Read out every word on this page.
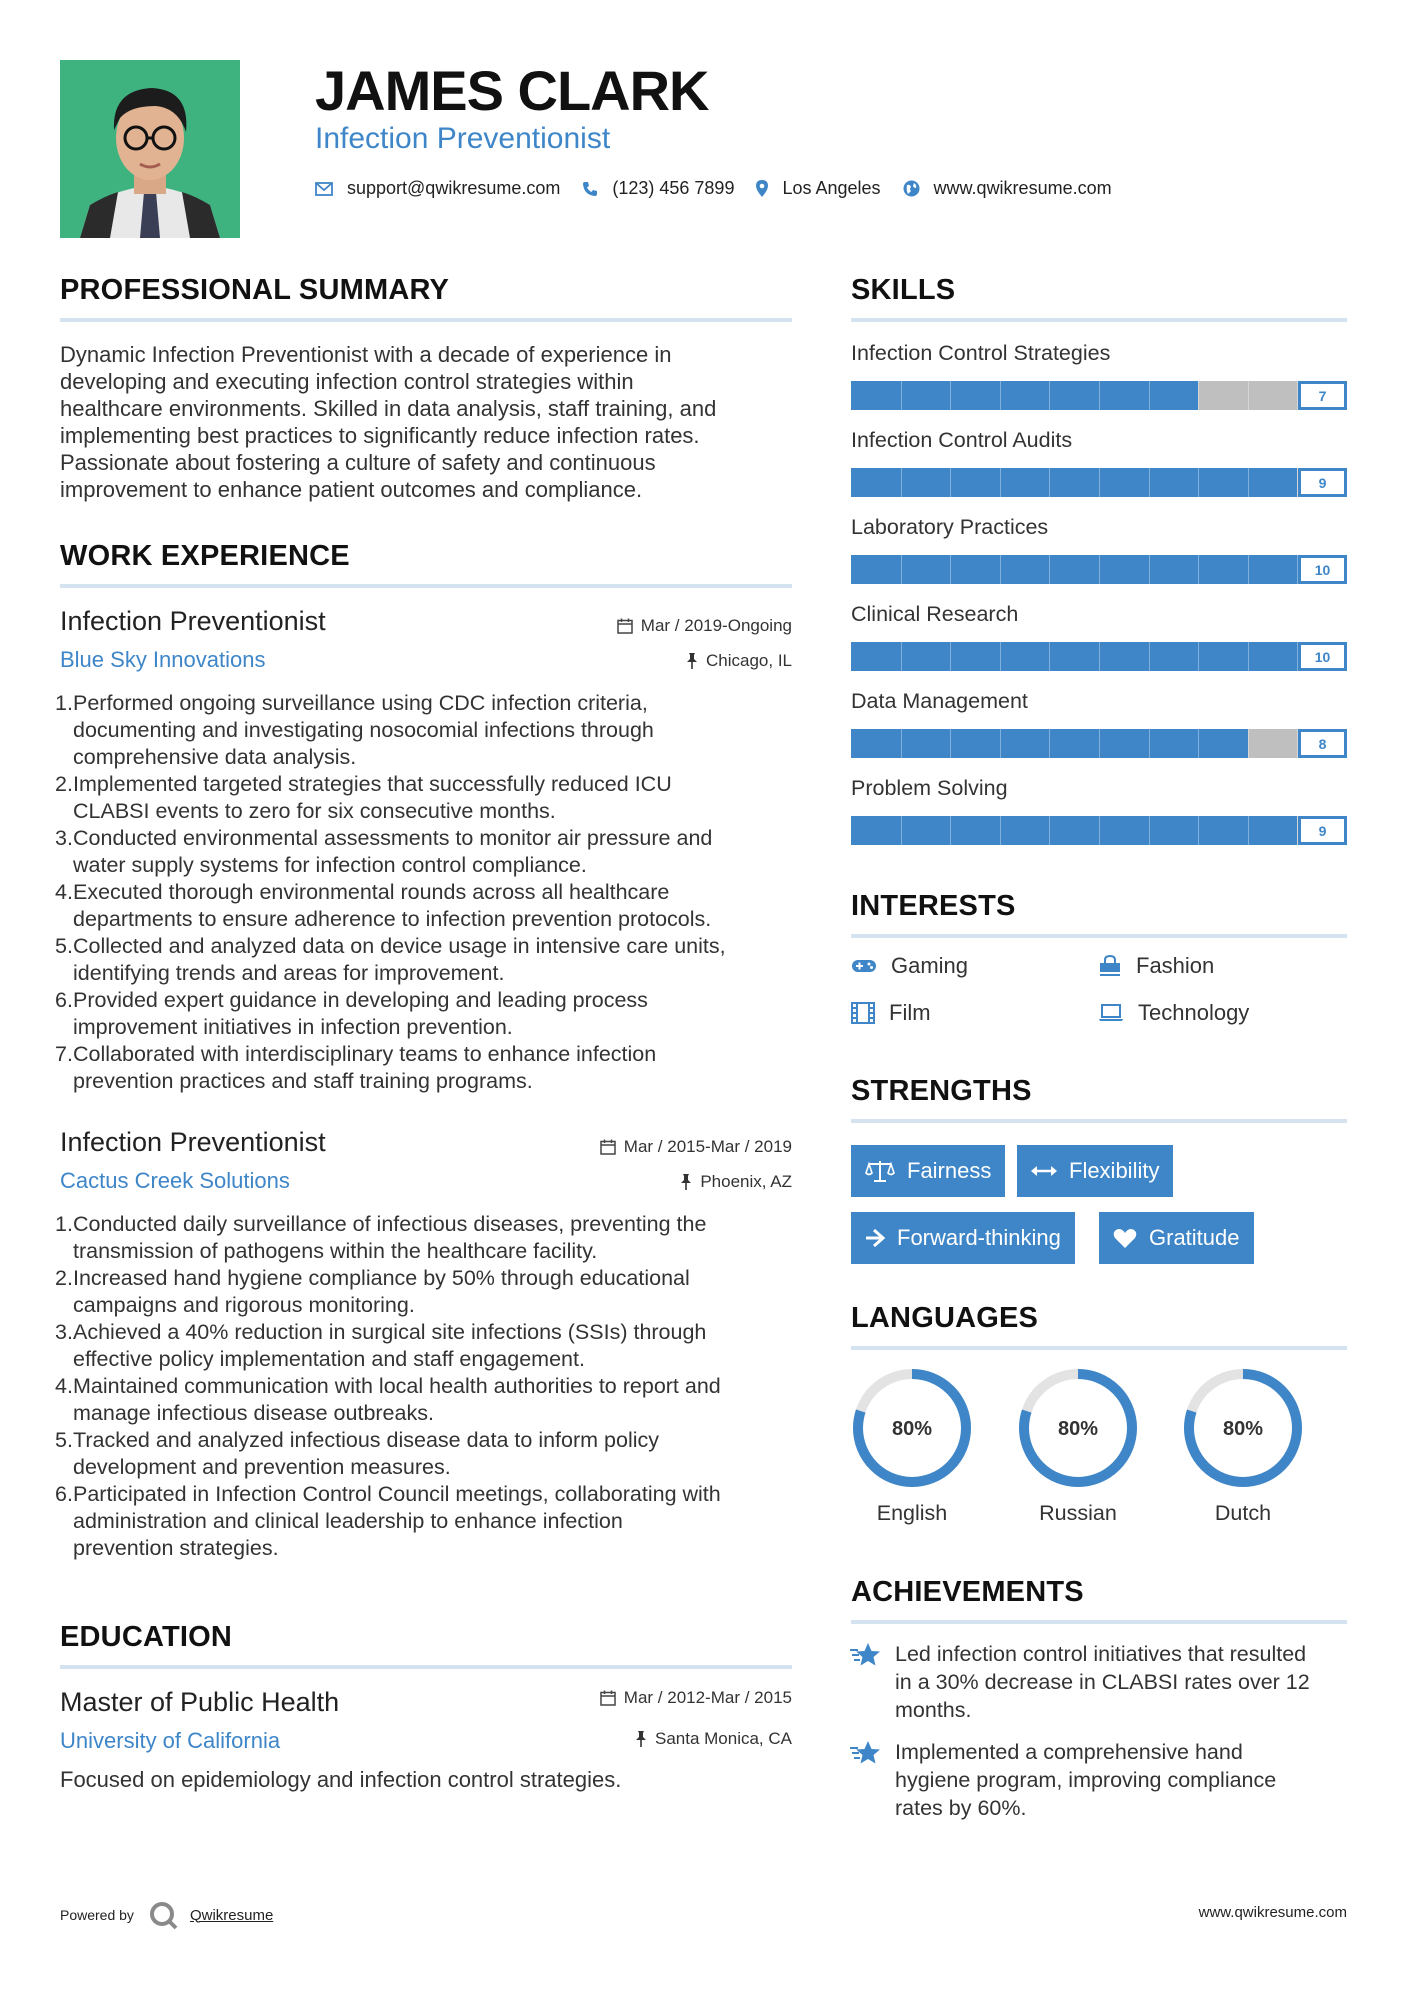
JAMES CLARK
Infection Preventionist
support@qwikresume.com	(123) 456 7899	Los Angeles	www.qwikresume.com
PROFESSIONAL SUMMARY
Dynamic Infection Preventionist with a decade of experience in
developing and executing infection control strategies within
healthcare environments. Skilled in data analysis, staff training, and
implementing best practices to significantly reduce infection rates.
Passionate about fostering a culture of safety and continuous
improvement to enhance patient outcomes and compliance.
WORK EXPERIENCE
Infection Preventionist
Blue Sky Innovations
Mar / 2019-Ongoing
Chicago, IL
1. Performed ongoing surveillance using CDC infection criteria,
documenting and investigating nosocomial infections through
comprehensive data analysis.
2. Implemented targeted strategies that successfully reduced ICU
CLABSI events to zero for six consecutive months.
3. Conducted environmental assessments to monitor air pressure and
water supply systems for infection control compliance.
4. Executed thorough environmental rounds across all healthcare
departments to ensure adherence to infection prevention protocols.
5. Collected and analyzed data on device usage in intensive care units,
identifying trends and areas for improvement.
6. Provided expert guidance in developing and leading process
improvement initiatives in infection prevention.
7. Collaborated with interdisciplinary teams to enhance infection
prevention practices and staff training programs.
Infection Preventionist
Cactus Creek Solutions
Mar / 2015-Mar / 2019
Phoenix, AZ
1. Conducted daily surveillance of infectious diseases, preventing the
transmission of pathogens within the healthcare facility.
2. Increased hand hygiene compliance by 50% through educational
campaigns and rigorous monitoring.
3. Achieved a 40% reduction in surgical site infections (SSIs) through
effective policy implementation and staff engagement.
4. Maintained communication with local health authorities to report and
manage infectious disease outbreaks.
5. Tracked and analyzed infectious disease data to inform policy
development and prevention measures.
6. Participated in Infection Control Council meetings, collaborating with
administration and clinical leadership to enhance infection
prevention strategies.
EDUCATION
Master of Public Health
University of California
Mar / 2012-Mar / 2015
Santa Monica, CA
Focused on epidemiology and infection control strategies.
SKILLS
Infection Control Strategies
7
Infection Control Audits
9
Laboratory Practices
10
Clinical Research
10
Data Management
8
Problem Solving
9
INTERESTS
Gaming	Fashion
Film	Technology
STRENGTHS
Fairness	Flexibility
Forward-thinking	Gratitude
LANGUAGES
80%
English
80%
Russian
80%
Dutch
ACHIEVEMENTS
Led infection control initiatives that resulted
in a 30% decrease in CLABSI rates over 12
months.
Implemented a comprehensive hand
hygiene program, improving compliance
rates by 60%.
Powered by	Qwikresume	www.qwikresume.com
